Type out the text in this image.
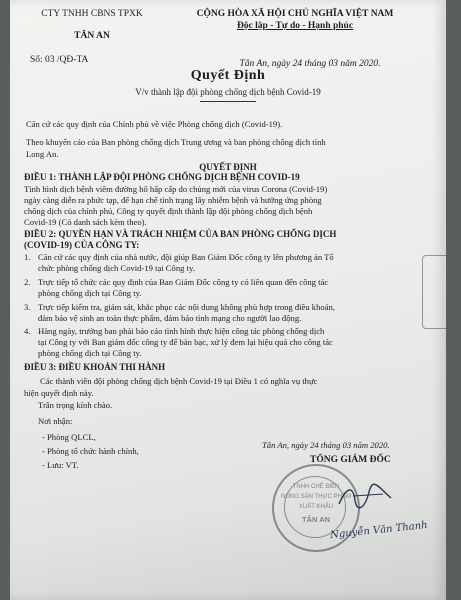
CTY TNHH CBNS TPXK
TÂN AN
Số: 03 /QĐ-TA
CỘNG HÒA XÃ HỘI CHỦ NGHĨA VIỆT NAM
Độc lập - Tự do - Hạnh phúc
Tân An, ngày 24 tháng 03 năm 2020.
Quyết Định
V/v thành lập đội phòng chống dịch bệnh Covid-19
Căn cứ các quy định của Chính phủ về việc Phòng chống dịch (Covid-19).
Theo khuyến cáo của Ban phòng chống dịch Trung ương và ban phòng chống dịch tỉnh
Long An.
QUYẾT ĐỊNH
ĐIỀU 1: THÀNH LẬP ĐỘI PHÒNG CHỐNG DỊCH BỆNH COVID-19
Tình hình dịch bệnh viêm đường hô hấp cấp do chủng mới của virus Corona (Covid-19)
ngày càng diễn ra phức tạp, để hạn chế tình trạng lây nhiễm bệnh và hưởng ứng phòng
chống dịch của chính phủ, Công ty quyết định thành lập đội phòng chống dịch bệnh
Covid-19 (Có danh sách kèm theo).
ĐIỀU 2: QUYỀN HẠN VÀ TRÁCH NHIỆM CỦA BAN PHÒNG CHỐNG DỊCH
(COVID-19) CỦA CÔNG TY:
1. Căn cứ các quy định của nhà nước, đội giúp Ban Giám Đốc công ty lên phương án Tổ
chức phòng chống dịch Covid-19 tại Công ty.
2. Trực tiếp tổ chức các quy định của Ban Giám Đốc công ty có liên quan đến công tác
phòng chống dịch tại Công ty.
3. Trực tiếp kiểm tra, giám sát, khắc phục các nội dung không phù hợp trong điều khoản,
đảm bảo vệ sinh an toàn thực phẩm, đảm bảo tình mạng cho người lao động.
4. Hàng ngày, trưởng ban phải báo cáo tình hình thực hiện công tác phòng chống dịch
tại Công ty với Ban giám đốc công ty để bàn bạc, xử lý đem lại hiệu quả cho công tác
phòng chống dịch tại Công ty.
ĐIỀU 3: ĐIỀU KHOẢN THI HÀNH
Các thành viên đội phòng chống dịch bệnh Covid-19 tại Điều 1 có nghĩa vụ thực
hiện quyết định này.
Trân trọng kính chào.
Nơi nhận:
- Phòng QLCL,
- Phòng tổ chức hành chính,
- Lưu: VT.
Tân An, ngày 24 tháng 03 năm 2020.
TỔNG GIÁM ĐỐC
TNHH CHẾ BIẾN
NÔNG SẢN THỰC PHẨM
XUẤT KHẨU
TÂN AN
Nguyễn Văn Thanh
